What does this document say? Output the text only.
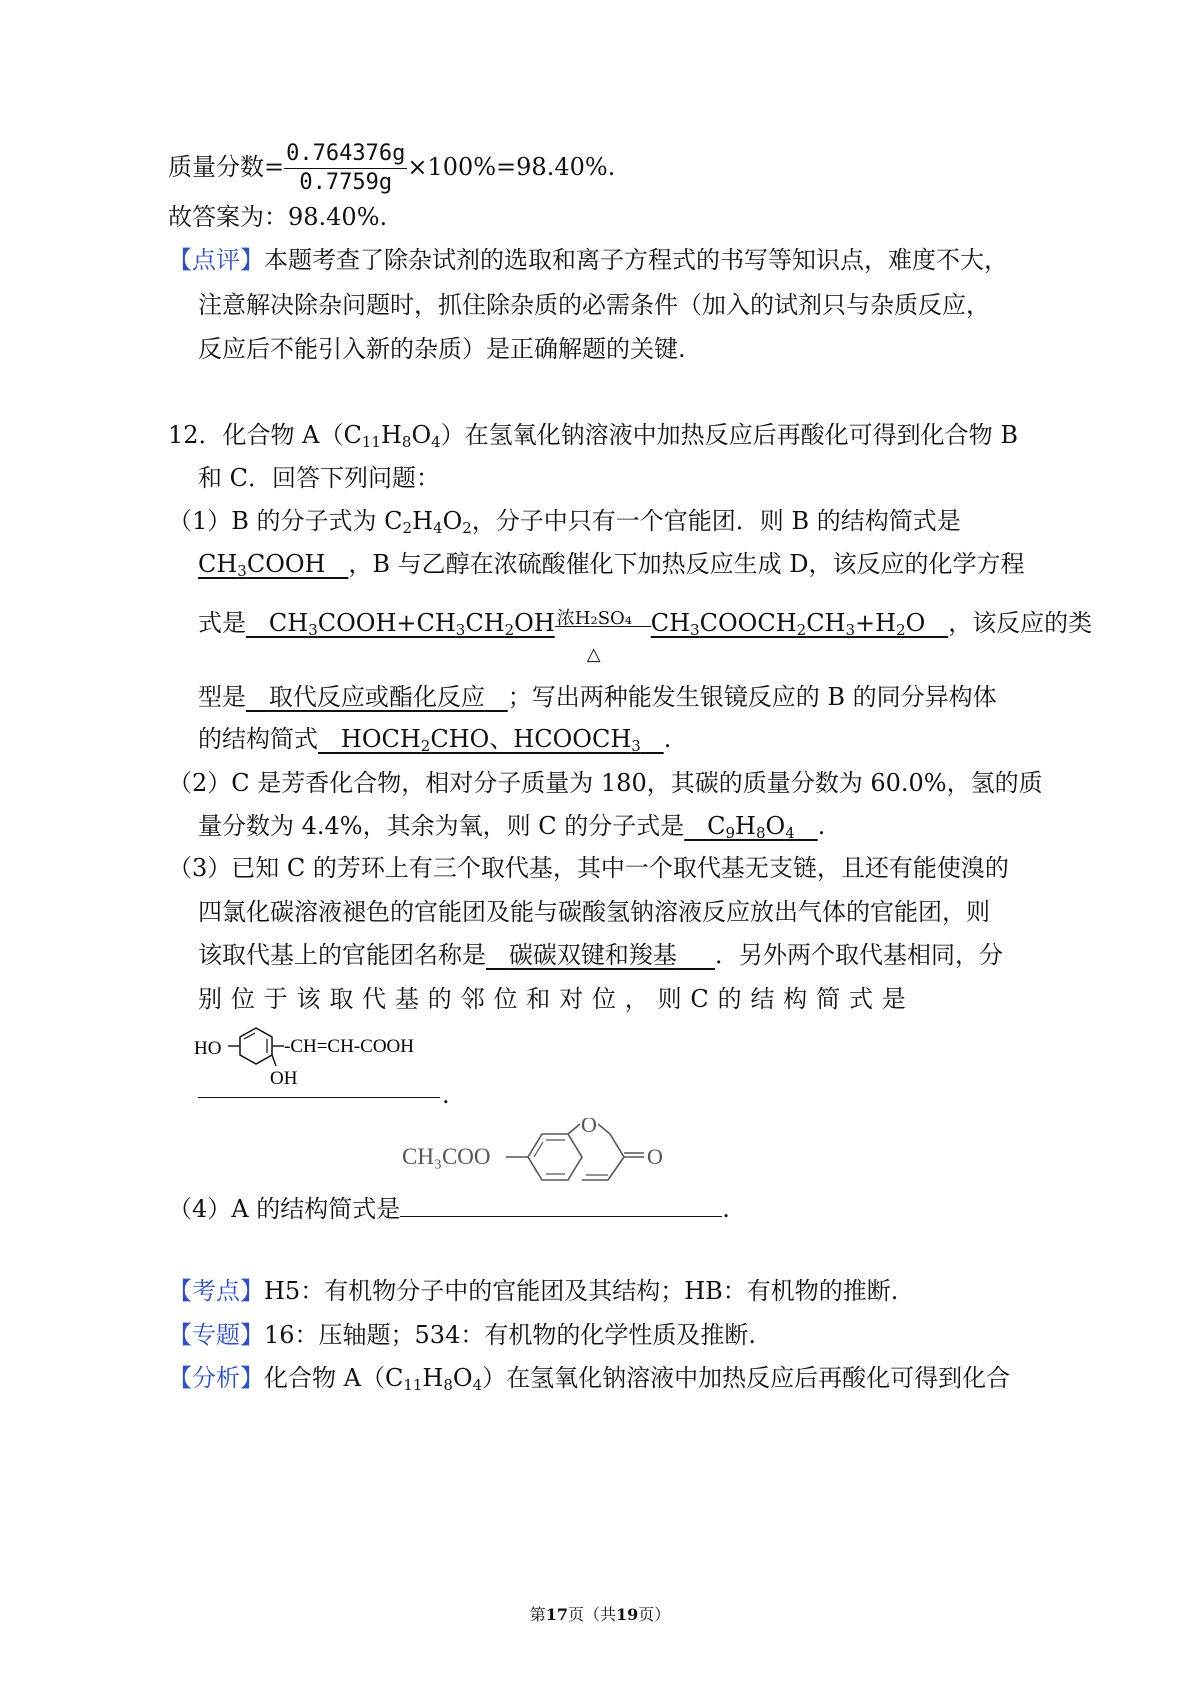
质量分数= $\frac{0.764376g}{0.7759g} \times 100\%=98.40\%$.
故答案为：98.40%.
【点评】本题考查了除杂试剂的选取和离子方程式的书写等知识点，难度不大，
注意解决除杂问题时，抓住除杂质的必需条件（加入的试剂只与杂质反应，
反应后不能引入新的杂质）是正确解题的关键.
12．化合物 $A(C_{11}H_8O_4)$在氢氧化钠溶液中加热反应后再酸化可得到化合物 B
和 C．回答下列问题：
（1）B 的分子式为 $C_2H_4O_2$，分子中只有一个官能团．则 B 的结构简式是
$CH_3COOH$   ，B 与乙醇在浓硫酸催化下加热反应生成 D，该反应的化学方程
式是   $CH_3COOH+CH_3CH_2OH$ 浓H₂SO₄
△
$CH_3COOCH_2CH_3+H_2O$   ，该反应的类
型是 取代反应或酯化反应 ；写出两种能发生银镜反应的 B 的同分异构体
的结构简式   $HOCH_2CHO$、$HCOOCH_3$ .
（2）C 是芳香化合物，相对分子质量为 180，其碳的质量分数为 60.0%，氢的质
量分数为 4.4%，其余为氧，则 C 的分子式是   $C_9H_8O_4$ .
（3）已知 C 的芳环上有三个取代基，其中一个取代基无支链，且还有能使溴的
四氯化碳溶液褪色的官能团及能与碳酸氢钠溶液反应放出气体的官能团，则
该取代基上的官能团名称是 碳碳双键和羧基 ．另外两个取代基相同，分
别 位 于 该 取 代 基 的 邻 位 和 对 位 ， 则 C 的 结 构 简 式 是
HO	-CH=CH-COOH
OH
.
CH₃COO
O
O
（4）A 的结构简式是	.
【考点】H5：有机物分子中的官能团及其结构；HB：有机物的推断.
【专题】16：压轴题；534：有机物的化学性质及推断.
【分析】化合物 $A(C_{11}H_8O_4)$在氢氧化钠溶液中加热反应后再酸化可得到化合
第17页（共19页）
